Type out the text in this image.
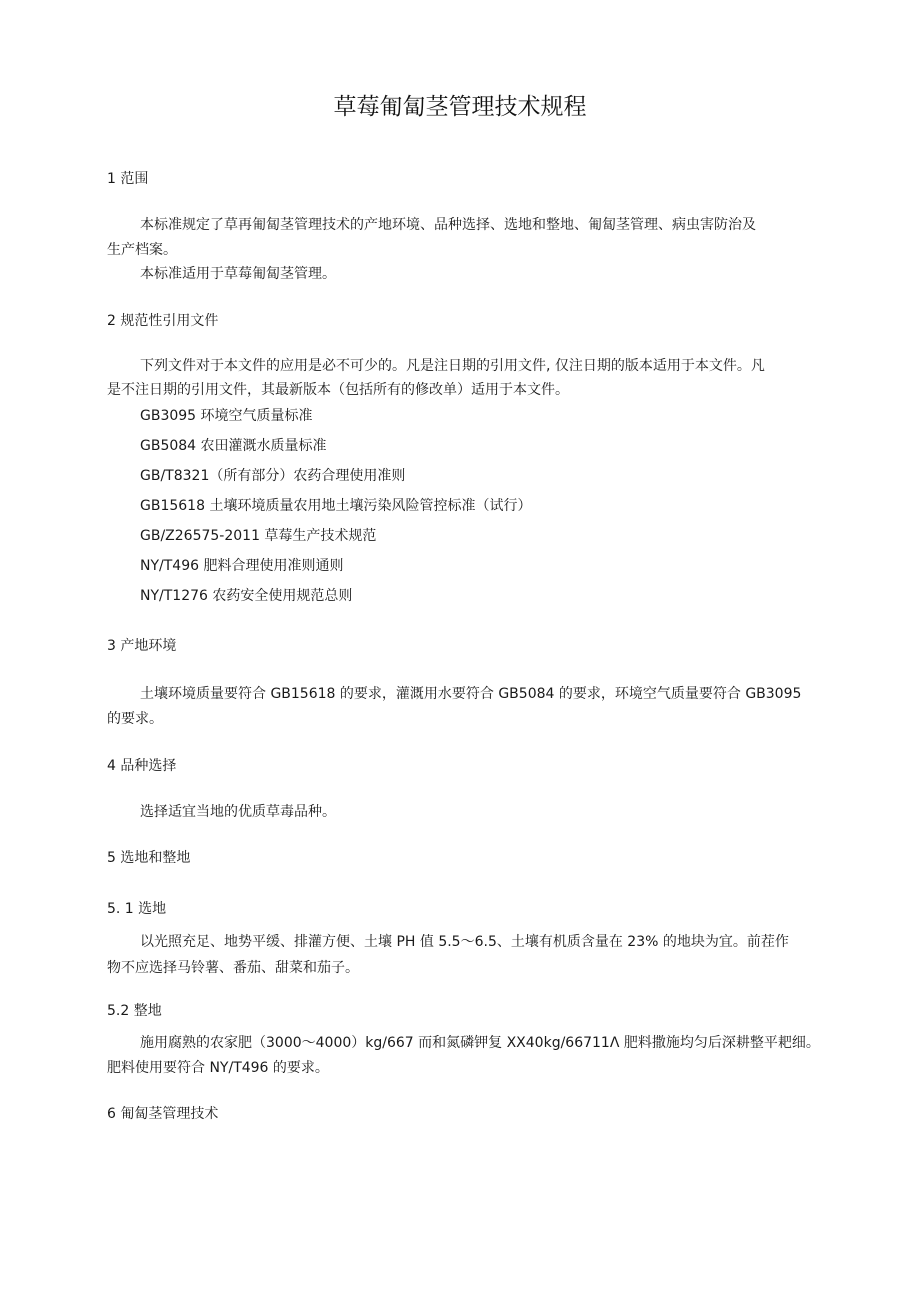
草莓匍匐茎管理技术规程
1 范围
本标准规定了草再匍匐茎管理技术的产地环境、品种选择、选地和整地、匍匐茎管理、病虫害防治及
生产档案。
本标准适用于草莓匍匐茎管理。
2 规范性引用文件
下列文件对于本文件的应用是必不可少的。凡是注日期的引用文件, 仅注日期的版本适用于本文件。凡
是不注日期的引用文件，其最新版本（包括所有的修改单）适用于本文件。
GB3095 环境空气质量标准
GB5084 农田灌溉水质量标准
GB/T8321（所有部分）农药合理使用准则
GB15618 土壤环境质量农用地土壤污染风险管控标准（试行）
GB/Z26575-2011 草莓生产技术规范
NY/T496 肥料合理使用准则通则
NY/T1276 农药安全使用规范总则
3 产地环境
土壤环境质量要符合 GB15618 的要求，灌溉用水要符合 GB5084 的要求，环境空气质量要符合 GB3095
的要求。
4 品种选择
选择适宜当地的优质草毒品种。
5 选地和整地
5. 1 选地
以光照充足、地势平缓、排灌方便、土壤 PH 值 5.5～6.5、土壤有机质含量在 23% 的地块为宜。前茬作
物不应选择马铃薯、番茄、甜菜和茄子。
5.2 整地
施用腐熟的农家肥（3000～4000）kg/667 而和氮磷钾复 XX40kg/66711Λ 肥料撒施均匀后深耕整平耙细。
肥料使用要符合 NY/T496 的要求。
6 匍匐茎管理技术
